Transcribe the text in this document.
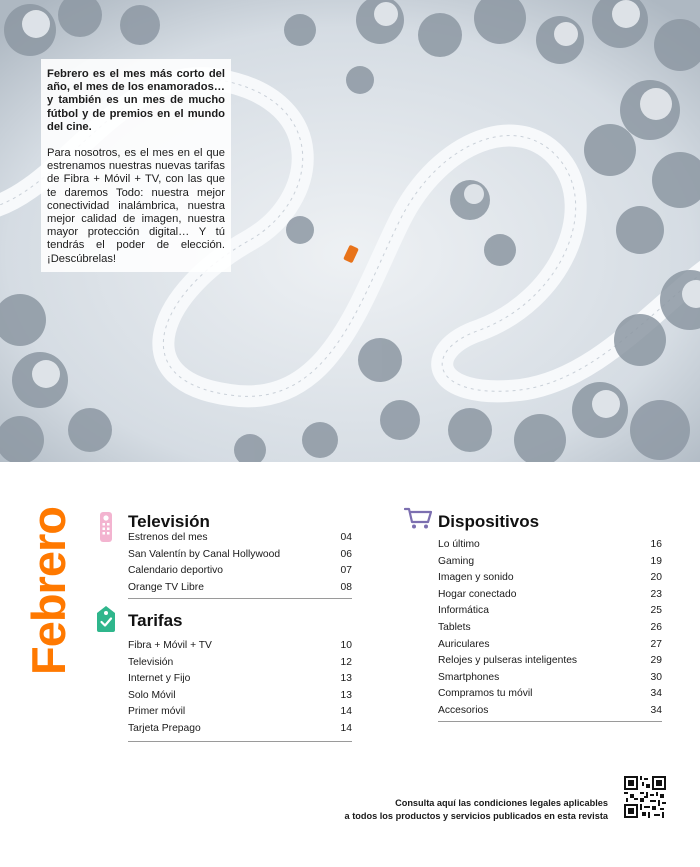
Febrero es el mes más corto del año, el mes de los enamorados… y también es un mes de mucho fútbol y de premios en el mundo del cine.

Para nosotros, es el mes en el que estrenamos nuestras nuevas tarifas de Fibra + Móvil + TV, con las que te daremos Todo: nuestra mejor conectividad inalámbrica, nuestra mejor calidad de imagen, nuestra mayor protección digital… Y tú tendrás el poder de elección. ¡Descúbrelas!

Febrero	Televisión
Estrenos del mes	04
San Valentín by Canal Hollywood	06
Calendario deportivo	07
Orange TV Libre	08
Tarifas
Fibra + Móvil + TV	10
Televisión	12
Internet y Fijo	13
Solo Móvil	13
Primer móvil	14
Tarjeta Prepago	14
Dispositivos
Lo último	16
Gaming	19
Imagen y sonido	20
Hogar conectado	23
Informática	25
Tablets	26
Auriculares	27
Relojes y pulseras inteligentes	29
Smartphones	30
Compramos tu móvil	34
Accesorios	34
Consulta aquí las condiciones legales aplicables
a todos los productos y servicios publicados en esta revista
